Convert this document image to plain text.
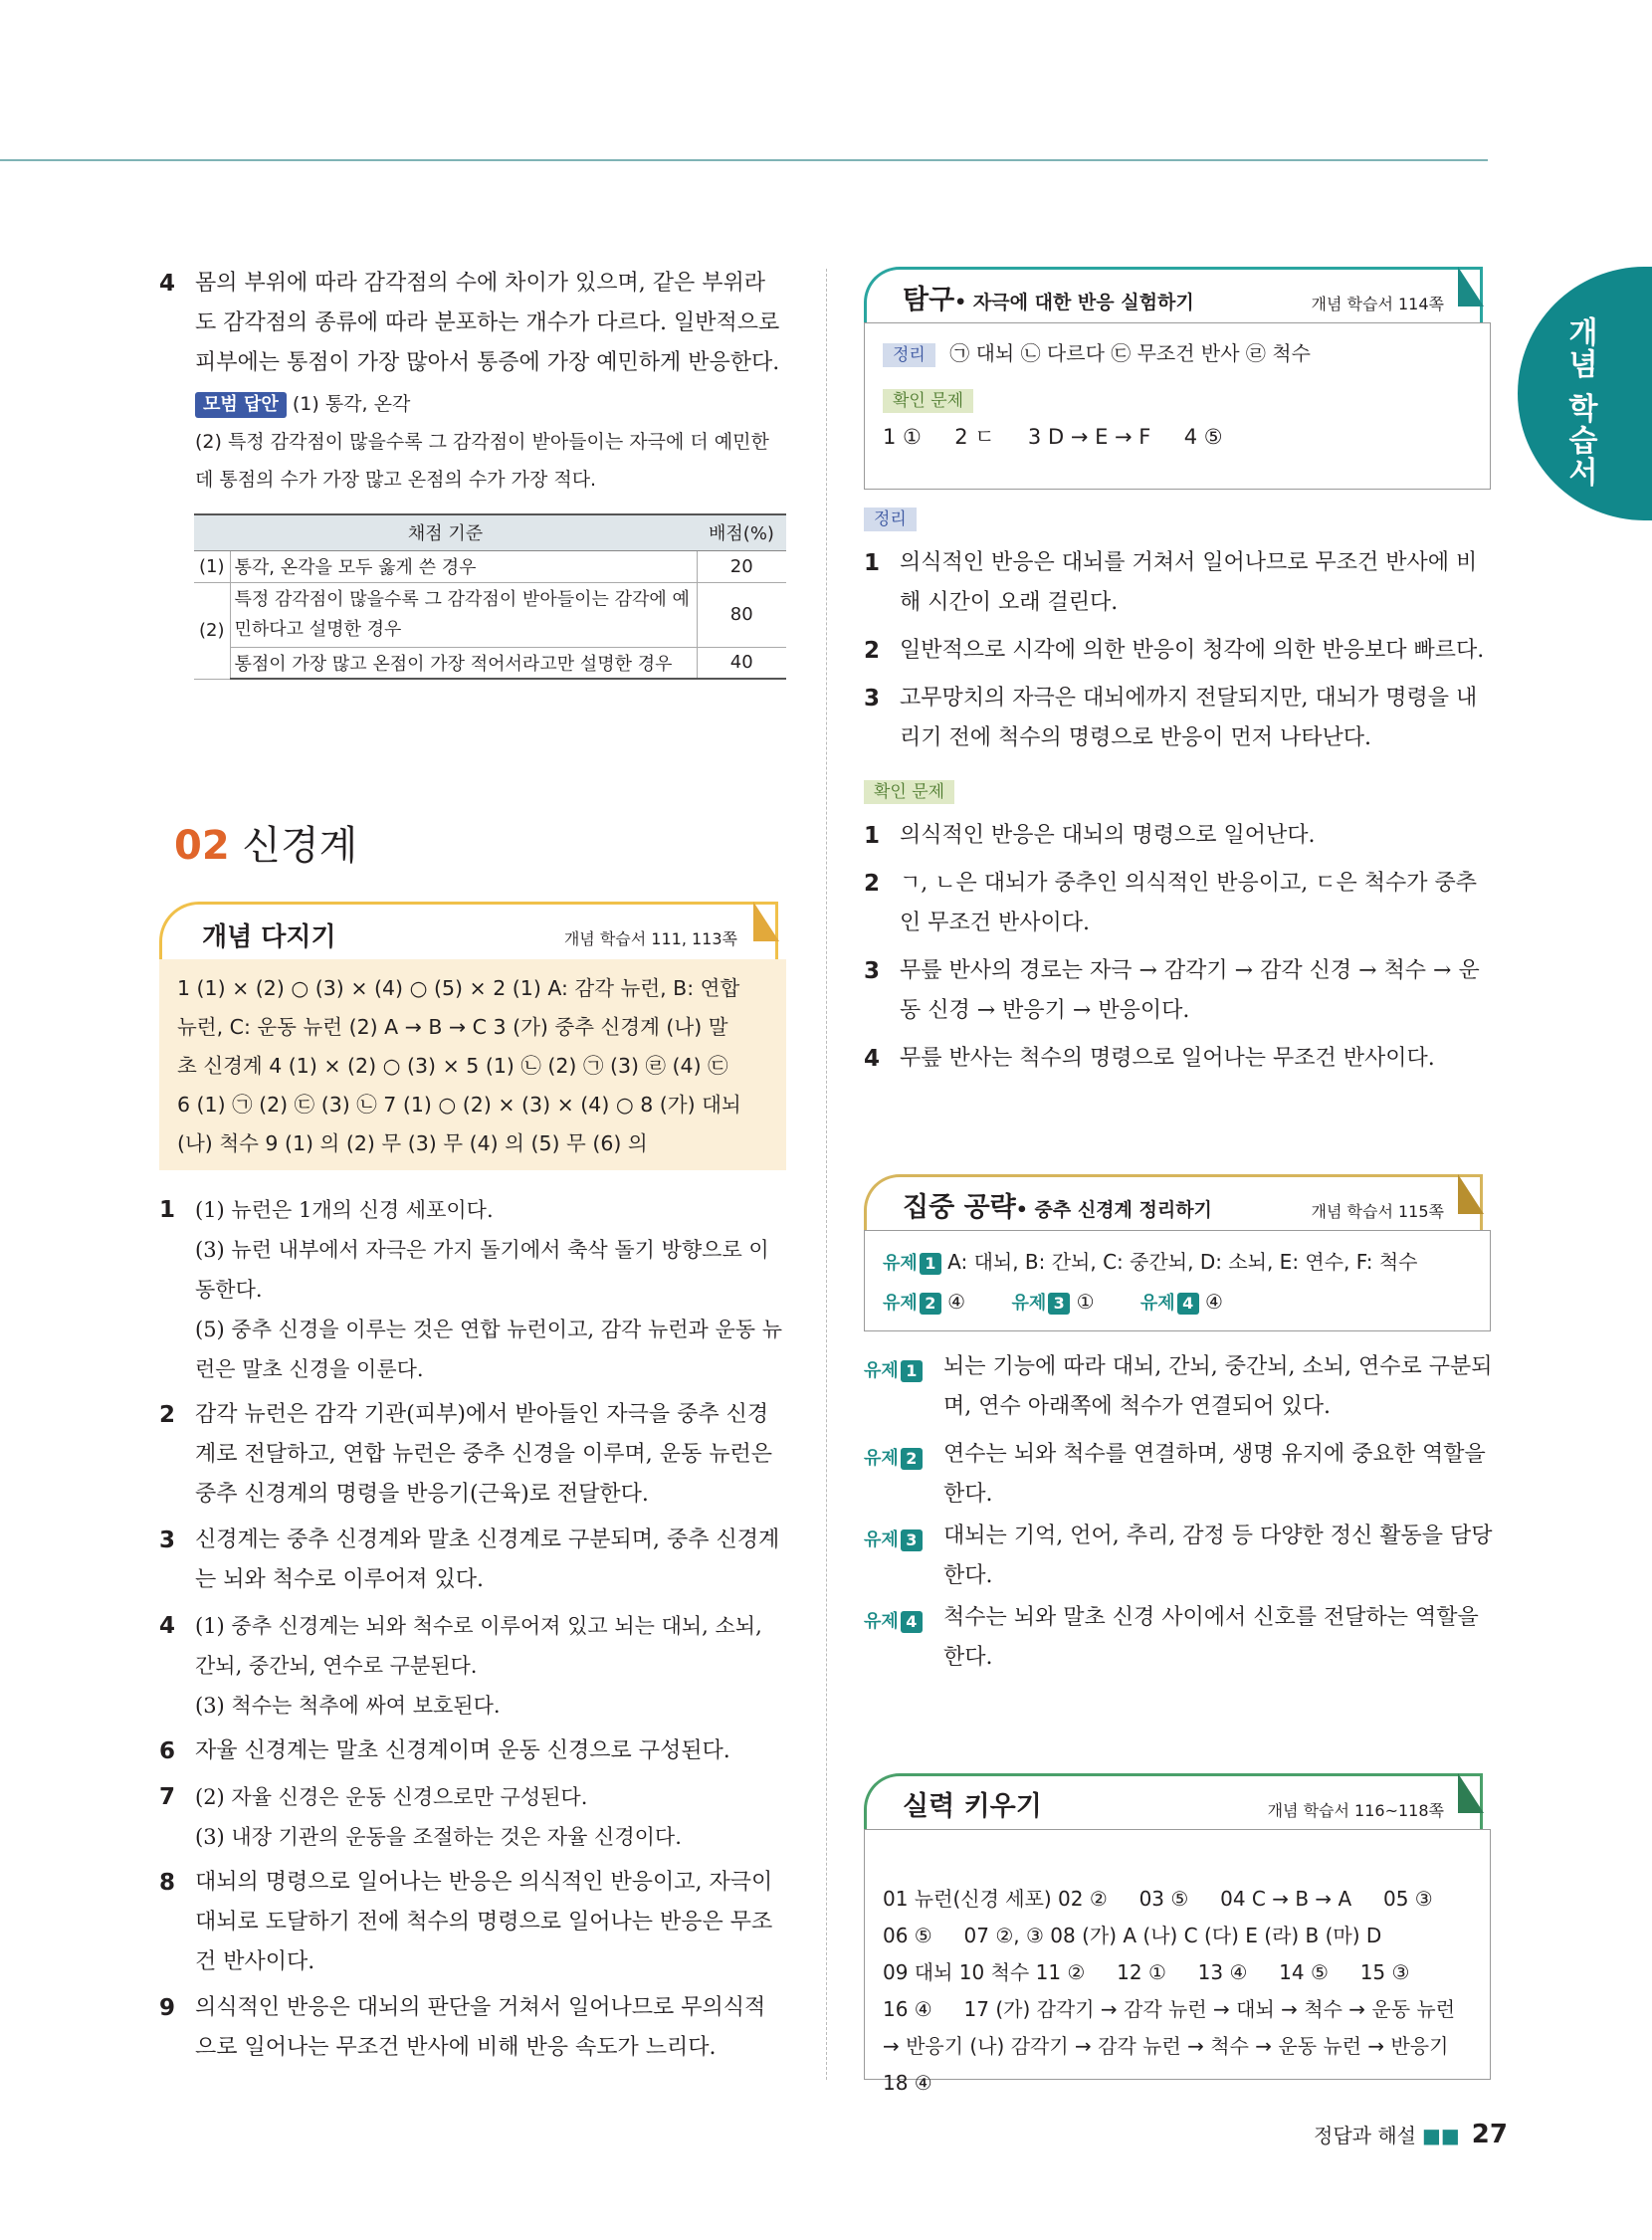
개념 학습서
4 몸의 부위에 따라 감각점의 수에 차이가 있으며, 같은 부위라도 감각점의 종류에 따라 분포하는 개수가 다르다. 일반적으로 피부에는 통점이 가장 많아서 통증에 가장 예민하게 반응한다.
모범 답안 (1) 통각, 온각
(2) 특정 감각점이 많을수록 그 감각점이 받아들이는 자극에 더 예민한데 통점의 수가 가장 많고 온점의 수가 가장 적다.
채점 기준		배점(%)
(1)	통각, 온각을 모두 옳게 쓴 경우	20
(2)	특정 감각점이 많을수록 그 감각점이 받아들이는 감각에 예민하다고 설명한 경우	80
	통점이 가장 많고 온점이 가장 적어서라고만 설명한 경우	40
02 신경계
개념 다지기	개념 학습서 111, 113쪽
1 (1) × (2) ○ (3) × (4) ○ (5) × 2 (1) A: 감각 뉴런, B: 연합
뉴런, C: 운동 뉴런 (2) A → B → C 3 (가) 중추 신경계 (나) 말
초 신경계 4 (1) × (2) ○ (3) × 5 (1) ㉡ (2) ㉠ (3) ㉣ (4) ㉢
6 (1) ㉠ (2) ㉢ (3) ㉡ 7 (1) ○ (2) × (3) × (4) ○ 8 (가) 대뇌
(나) 척수 9 (1) 의 (2) 무 (3) 무 (4) 의 (5) 무 (6) 의
1 (1) 뉴런은 1개의 신경 세포이다.
(3) 뉴런 내부에서 자극은 가지 돌기에서 축삭 돌기 방향으로 이동한다.
(5) 중추 신경을 이루는 것은 연합 뉴런이고, 감각 뉴런과 운동 뉴런은 말초 신경을 이룬다.
2 감각 뉴런은 감각 기관(피부)에서 받아들인 자극을 중추 신경계로 전달하고, 연합 뉴런은 중추 신경을 이루며, 운동 뉴런은 중추 신경계의 명령을 반응기(근육)로 전달한다.
3 신경계는 중추 신경계와 말초 신경계로 구분되며, 중추 신경계는 뇌와 척수로 이루어져 있다.
4 (1) 중추 신경계는 뇌와 척수로 이루어져 있고 뇌는 대뇌, 소뇌, 간뇌, 중간뇌, 연수로 구분된다.
(3) 척수는 척추에 싸여 보호된다.
6 자율 신경계는 말초 신경계이며 운동 신경으로 구성된다.
7 (2) 자율 신경은 운동 신경으로만 구성된다.
(3) 내장 기관의 운동을 조절하는 것은 자율 신경이다.
8 대뇌의 명령으로 일어나는 반응은 의식적인 반응이고, 자극이 대뇌로 도달하기 전에 척수의 명령으로 일어나는 반응은 무조건 반사이다.
9 의식적인 반응은 대뇌의 판단을 거쳐서 일어나므로 무의식적으로 일어나는 무조건 반사에 비해 반응 속도가 느리다.
탐구• 자극에 대한 반응 실험하기	개념 학습서 114쪽
정리 ㉠ 대뇌 ㉡ 다르다 ㉢ 무조건 반사 ㉣ 척수
확인 문제
1 ①     2 ㄷ     3 D → E → F     4 ⑤
정리
1 의식적인 반응은 대뇌를 거쳐서 일어나므로 무조건 반사에 비해 시간이 오래 걸린다.
2 일반적으로 시각에 의한 반응이 청각에 의한 반응보다 빠르다.
3 고무망치의 자극은 대뇌에까지 전달되지만, 대뇌가 명령을 내리기 전에 척수의 명령으로 반응이 먼저 나타난다.
확인 문제
1 의식적인 반응은 대뇌의 명령으로 일어난다.
2 ㄱ, ㄴ은 대뇌가 중추인 의식적인 반응이고, ㄷ은 척수가 중추인 무조건 반사이다.
3 무릎 반사의 경로는 자극 → 감각기 → 감각 신경 → 척수 → 운동 신경 → 반응기 → 반응이다.
4 무릎 반사는 척수의 명령으로 일어나는 무조건 반사이다.
집중 공략• 중추 신경계 정리하기	개념 학습서 115쪽
유제 1 A: 대뇌, B: 간뇌, C: 중간뇌, D: 소뇌, E: 연수, F: 척수
유제 2 ④	유제 3 ①	유제 4 ④
유제 1 뇌는 기능에 따라 대뇌, 간뇌, 중간뇌, 소뇌, 연수로 구분되며, 연수 아래쪽에 척수가 연결되어 있다.
유제 2 연수는 뇌와 척수를 연결하며, 생명 유지에 중요한 역할을 한다.
유제 3 대뇌는 기억, 언어, 추리, 감정 등 다양한 정신 활동을 담당한다.
유제 4 척수는 뇌와 말초 신경 사이에서 신호를 전달하는 역할을 한다.
실력 키우기	개념 학습서 116~118쪽

01 뉴런(신경 세포) 02 ②     03 ⑤     04 C → B → A     05 ③
06 ⑤     07 ②, ③ 08 (가) A (나) C (다) E (라) B (마) D
09 대뇌 10 척수 11 ②     12 ①     13 ④     14 ⑤     15 ③
16 ④     17 (가) 감각기 → 감각 뉴런 → 대뇌 → 척수 → 운동 뉴런
→ 반응기 (나) 감각기 → 감각 뉴런 → 척수 → 운동 뉴런 → 반응기
18 ④

정답과 해설 ■■ 27
